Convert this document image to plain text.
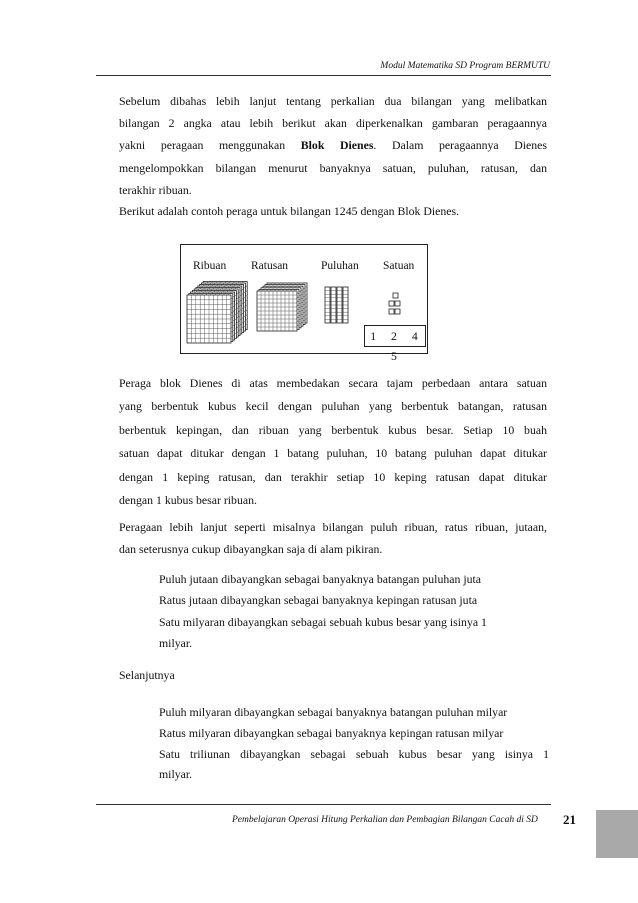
Modul Matematika SD Program BERMUTU
Sebelum dibahas lebih lanjut tentang perkalian dua bilangan yang melibatkan
bilangan 2 angka atau lebih berikut akan diperkenalkan gambaran peragaannya
yakni peragaan menggunakan Blok Dienes. Dalam peragaannya Dienes
mengelompokkan bilangan menurut banyaknya satuan, puluhan, ratusan, dan
terakhir ribuan.
Berikut adalah contoh peraga untuk bilangan 1245 dengan Blok Dienes.
Ribuan Ratusan	Puluhan Satuan
1 2 4 5
Peraga blok Dienes di atas membedakan secara tajam perbedaan antara satuan
yang berbentuk kubus kecil dengan puluhan yang berbentuk batangan, ratusan
berbentuk kepingan, dan ribuan yang berbentuk kubus besar. Setiap 10 buah
satuan dapat ditukar dengan 1 batang puluhan, 10 batang puluhan dapat ditukar
dengan 1 keping ratusan, dan terakhir setiap 10 keping ratusan dapat ditukar
dengan 1 kubus besar ribuan.
Peragaan lebih lanjut seperti misalnya bilangan puluh ribuan, ratus ribuan, jutaan,
dan seterusnya cukup dibayangkan saja di alam pikiran.
Puluh jutaan dibayangkan sebagai banyaknya batangan puluhan juta
Ratus jutaan dibayangkan sebagai banyaknya kepingan ratusan juta
Satu milyaran dibayangkan sebagai sebuah kubus besar yang isinya 1
milyar.
Selanjutnya
Puluh milyaran dibayangkan sebagai banyaknya batangan puluhan milyar
Ratus milyaran dibayangkan sebagai banyaknya kepingan ratusan milyar
Satu triliunan dibayangkan sebagai sebuah kubus besar yang isinya 1
milyar.
Pembelajaran Operasi Hitung Perkalian dan Pembagian Bilangan Cacah di SD 21
